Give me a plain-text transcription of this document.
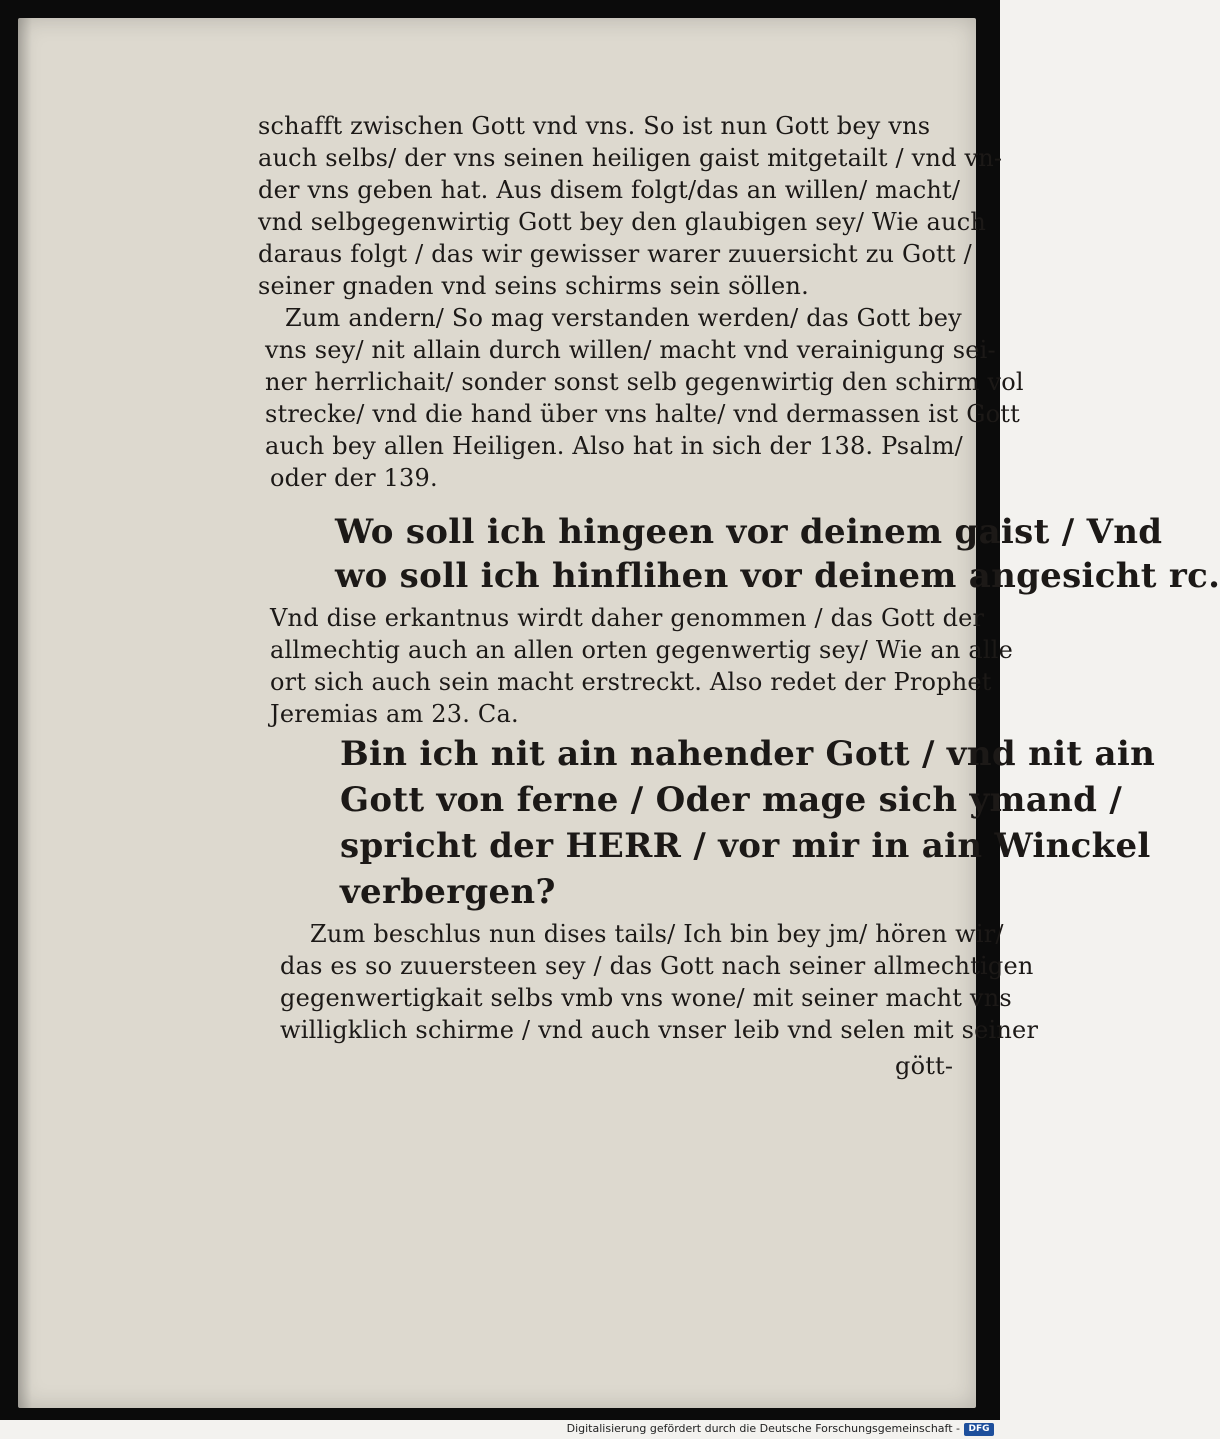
schafft zwischen Gott vnd vns. So ist nun Gott bey vns
auch selbs/ der vns seinen heiligen gaist mitgetailt / vnd vn-
der vns geben hat. Aus disem folgt/das an willen/ macht/
vnd selbgegenwirtig Gott bey den glaubigen sey/ Wie auch
daraus folgt / das wir gewisser warer zuuersicht zu Gott /
seiner gnaden vnd seins schirms sein söllen.
Zum andern/ So mag verstanden werden/ das Gott bey
vns sey/ nit allain durch willen/ macht vnd verainigung sei-
ner herrlichait/ sonder sonst selb gegenwirtig den schirm vol
strecke/ vnd die hand über vns halte/ vnd dermassen ist Gott
auch bey allen Heiligen. Also hat in sich der 138. Psalm/
oder der 139.
Wo soll ich hingeen vor deinem gaist / Vnd
wo soll ich hinflihen vor deinem angesicht rc.
Vnd dise erkantnus wirdt daher genommen / das Gott der
allmechtig auch an allen orten gegenwertig sey/ Wie an alle
ort sich auch sein macht erstreckt. Also redet der Prophet
Jeremias am 23. Ca.
Bin ich nit ain nahender Gott / vnd nit ain
Gott von ferne / Oder mage sich ymand /
spricht der HERR / vor mir in ain Winckel
verbergen?
Zum beschlus nun dises tails/ Ich bin bey jm/ hören wir/
das es so zuuersteen sey / das Gott nach seiner allmechtigen
gegenwertigkait selbs vmb vns wone/ mit seiner macht vns
willigklich schirme / vnd auch vnser leib vnd selen mit seiner
gött-
Digitalisierung gefördert durch die Deutsche Forschungsgemeinschaft - DFG
